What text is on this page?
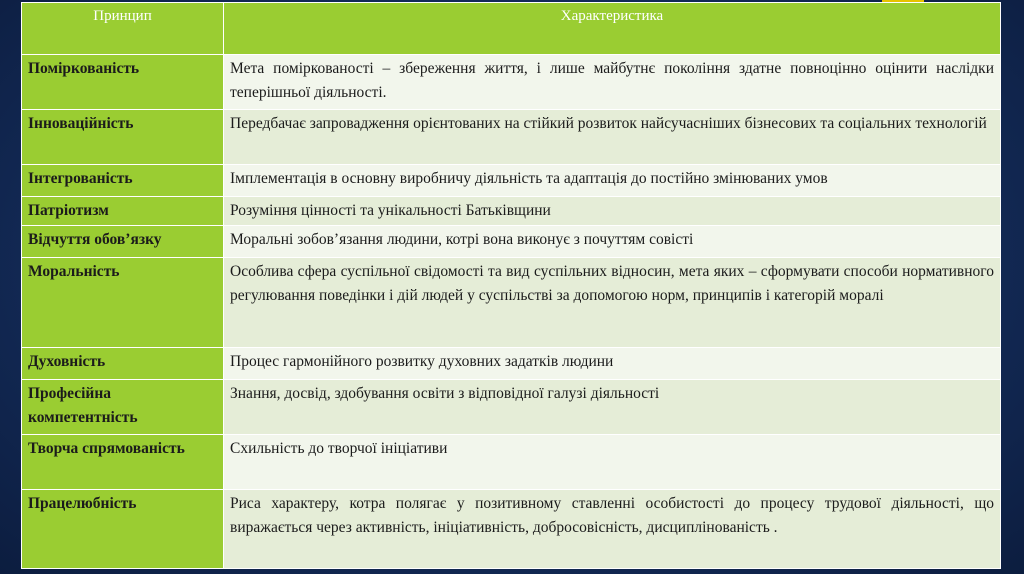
Принцип	Характеристика
Поміркованість	Мета поміркованості – збереження життя, і лише майбутнє покоління здатне повноцінно оцінити наслідки теперішньої діяльності.
Інноваційність	Передбачає запровадження орієнтованих на стійкий розвиток найсучасніших бізнесових та соціальних технологій
Інтегрованість	Імплементація в основну виробничу діяльність та адаптація до постійно змінюваних умов
Патріотизм	Розуміння цінності та унікальності Батьківщини
Відчуття обов’язку	Моральні зобов’язання людини, котрі вона виконує з почуттям совісті
Моральність	Особлива сфера суспільної свідомості та вид суспільних відносин, мета яких – сформувати способи нормативного регулювання поведінки і дій людей у суспільстві за допомогою норм, принципів і категорій моралі
Духовність	Процес гармонійного розвитку духовних задатків людини
Професійна компетентність	Знання, досвід, здобування освіти з відповідної галузі діяльності
Творча спрямованість	Схильність до творчої ініціативи
Працелюбність	Риса характеру, котра полягає у позитивному ставленні особистості до процесу трудової діяльності, що виражається через активність, ініціативність, добросовісність, дисциплінованість .
